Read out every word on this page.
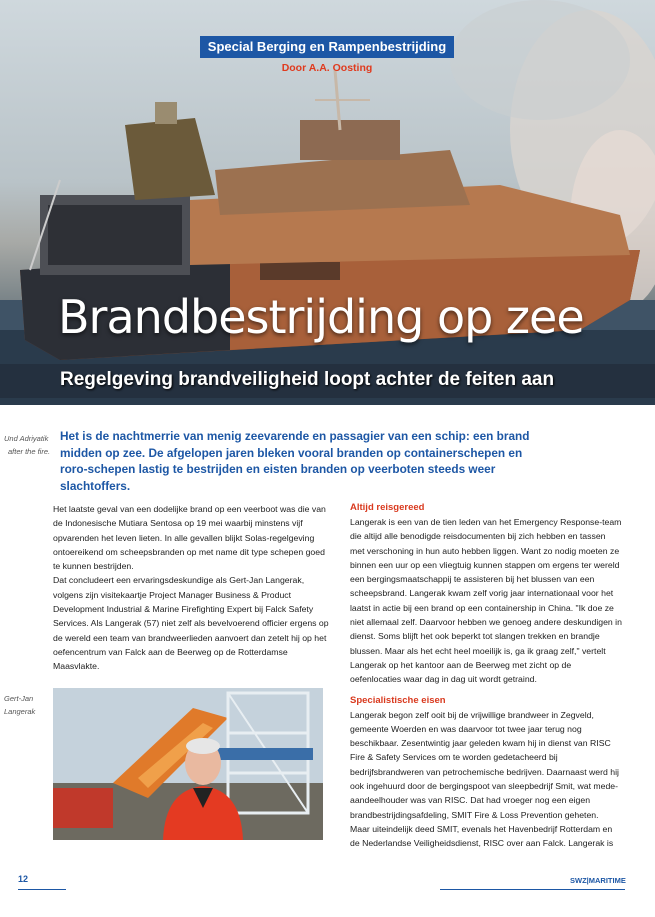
Special Berging en Rampenbestrijding
Door A.A. Oosting
Brandbestrijding op zee
Regelgeving brandveiligheid loopt achter de feiten aan
Und Adriyatik
after the fire.
Het is de nachtmerrie van menig zeevarende en passagier van een schip: een brand midden op zee. De afgelopen jaren bleken vooral branden op containerschepen en roro-schepen lastig te bestrijden en eisten branden op veerboten steeds weer slachtoffers.

Het laatste geval van een dodelijke brand op een veerboot was die van de Indonesische Mutiara Sentosa op 19 mei waarbij minstens vijf opvarenden het leven lieten. In alle gevallen blijkt Solas-regelgeving ontoereikend om scheepsbranden op met name dit type schepen goed te kunnen bestrijden.

Dat concludeert een ervaringsdeskundige als Gert-Jan Langerak, volgens zijn visitekaartje Project Manager Business & Product Development Industrial & Marine Firefighting Expert bij Falck Safety Services. Als Langerak (57) niet zelf als bevelvoerend officier ergens op de wereld een team van brandweerlieden aanvoert dan zetelt hij op het oefencentrum van Falck aan de Beerweg op de Rotterdamse Maasvlakte.

Gert-Jan
Langerak
Altijd reisgereed

Langerak is een van de tien leden van het Emergency Response-team die altijd alle benodigde reisdocumenten bij zich hebben en tassen met verschoning in hun auto hebben liggen. Want zo nodig moeten ze binnen een uur op een vliegtuig kunnen stappen om ergens ter wereld een bergingsmaatschappij te assisteren bij het blussen van een scheepsbrand. Langerak kwam zelf vorig jaar internationaal voor het laatst in actie bij een brand op een containership in China. "Ik doe ze niet allemaal zelf. Daarvoor hebben we genoeg andere deskundigen in dienst. Soms blijft het ook beperkt tot slangen trekken en brandje blussen. Maar als het echt heel moeilijk is, ga ik graag zelf," vertelt Langerak op het kantoor aan de Beerweg met zicht op de oefenlocaties waar dag in dag uit wordt getraind.

Specialistische eisen

Langerak begon zelf ooit bij de vrijwillige brandweer in Zegveld, gemeente Woerden en was daarvoor tot twee jaar terug nog beschikbaar. Zesentwintig jaar geleden kwam hij in dienst van RISC Fire & Safety Services om te worden gedetacheerd bij bedrijfsbrandweren van petrochemische bedrijven. Daarnaast werd hij ook ingehuurd door de bergingspoot van sleepbedrijf Smit, wat mede-aandeelhouder was van RISC. Dat had vroeger nog een eigen brandbestrijdingsafdeling, SMIT Fire & Loss Prevention geheten.

Maar uiteindelijk deed SMIT, evenals het Havenbedrijf Rotterdam en de Nederlandse Veiligheidsdienst, RISC over aan Falck. Langerak is

12	SWZ|MARITIME
